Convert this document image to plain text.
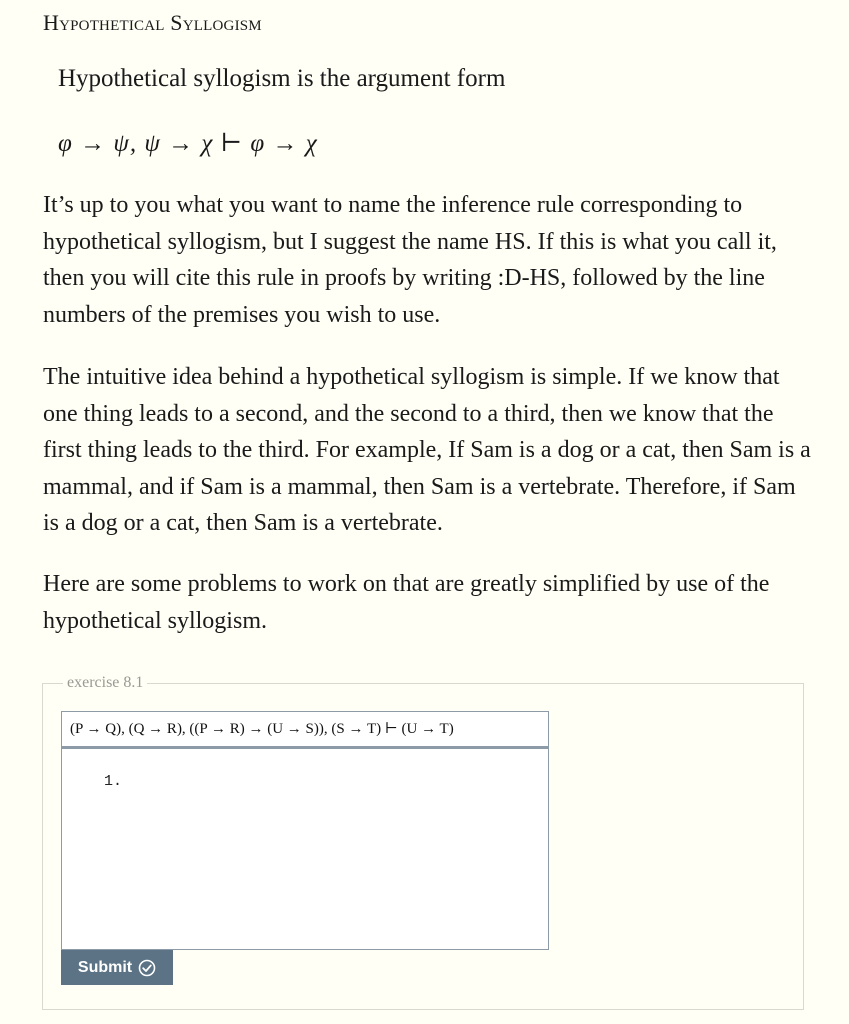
Hypothetical Syllogism
Hypothetical syllogism is the argument form
φ → ψ, ψ → χ ⊢ φ → χ

It’s up to you what you want to name the inference rule corresponding to hypothetical syllogism, but I suggest the name HS. If this is what you call it, then you will cite this rule in proofs by writing :D-HS, followed by the line numbers of the premises you wish to use.

The intuitive idea behind a hypothetical syllogism is simple. If we know that one thing leads to a second, and the second to a third, then we know that the first thing leads to the third. For example, If Sam is a dog or a cat, then Sam is a mammal, and if Sam is a mammal, then Sam is a vertebrate. Therefore, if Sam is a dog or a cat, then Sam is a vertebrate.

Here are some problems to work on that are greatly simplified by use of the hypothetical syllogism.

exercise 8.1
(P → Q), (Q → R), ((P → R) → (U → S)), (S → T) ⊢ (U → T)
1.
Submit
